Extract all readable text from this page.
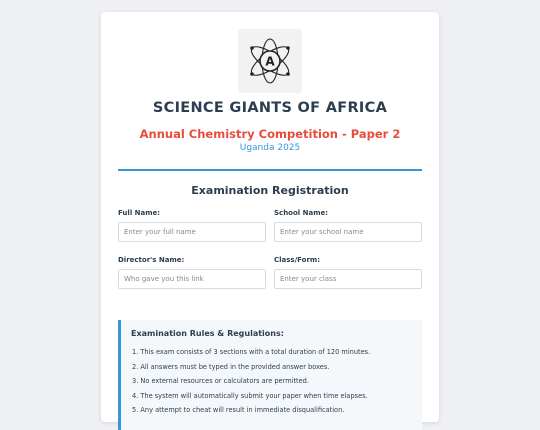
A
SCIENCE GIANTS OF AFRICA
Annual Chemistry Competition - Paper 2
Uganda 2025
Examination Registration
Full Name:
Enter your full name	School Name:
Enter your school name
Director's Name:
Who gave you this link	Class/Form:
Enter your class
Examination Rules & Regulations:
1. This exam consists of 3 sections with a total duration of 120 minutes.
2. All answers must be typed in the provided answer boxes.
3. No external resources or calculators are permitted.
4. The system will automatically submit your paper when time elapses.
5. Any attempt to cheat will result in immediate disqualification.
